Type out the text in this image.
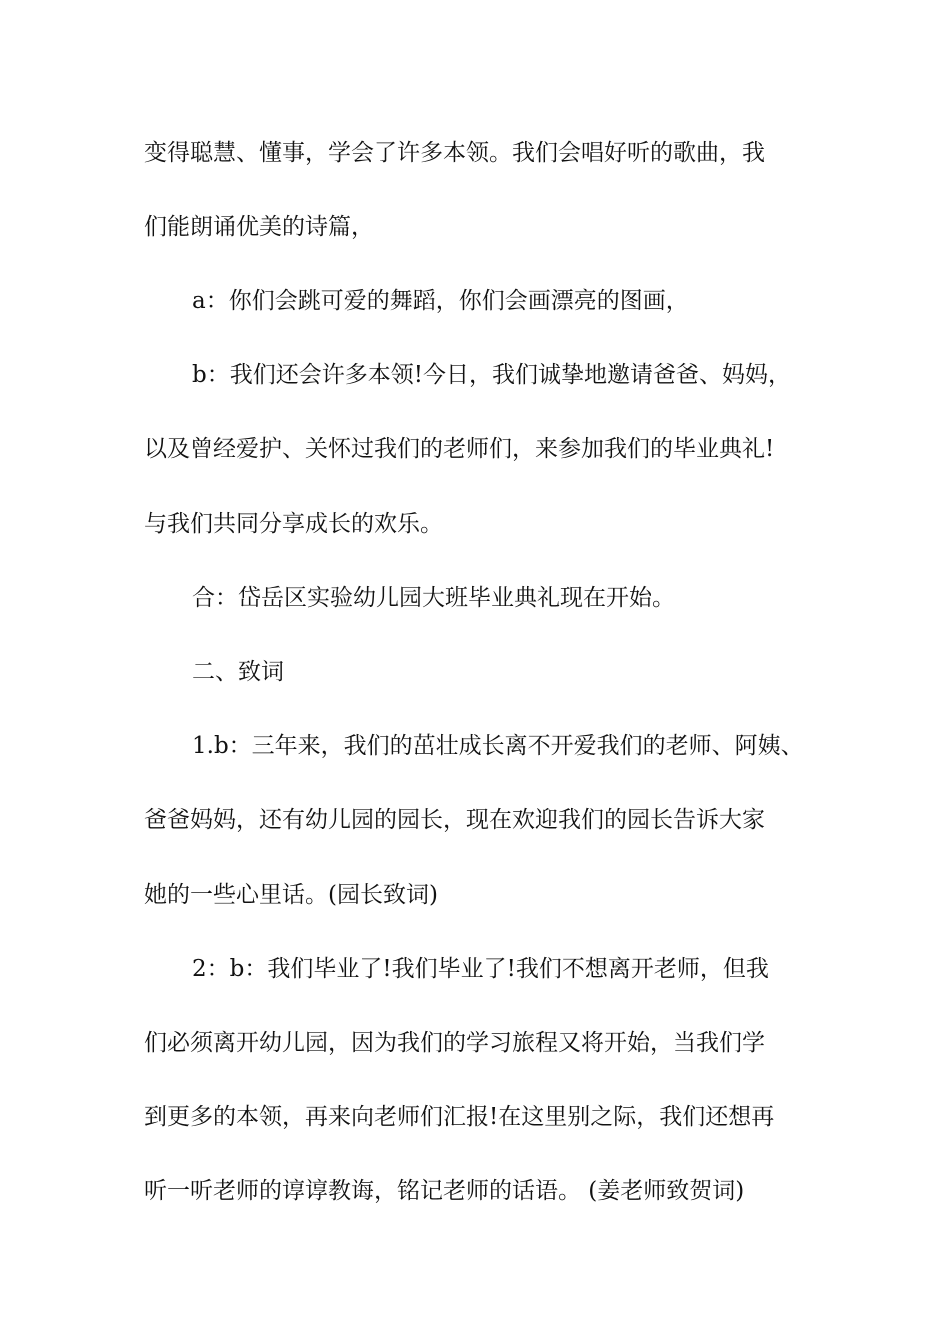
变得聪慧、懂事，学会了许多本领。我们会唱好听的歌曲，我
们能朗诵优美的诗篇，
a：你们会跳可爱的舞蹈，你们会画漂亮的图画，
b：我们还会许多本领!今日，我们诚挚地邀请爸爸、妈妈，
以及曾经爱护、关怀过我们的老师们，来参加我们的毕业典礼!
与我们共同分享成长的欢乐。
合：岱岳区实验幼儿园大班毕业典礼现在开始。
二、致词
1.b：三年来，我们的茁壮成长离不开爱我们的老师、阿姨、
爸爸妈妈，还有幼儿园的园长，现在欢迎我们的园长告诉大家
她的一些心里话。(园长致词)
2：b：我们毕业了!我们毕业了!我们不想离开老师，但我
们必须离开幼儿园，因为我们的学习旅程又将开始，当我们学
到更多的本领，再来向老师们汇报!在这里别之际，我们还想再
听一听老师的谆谆教诲，铭记老师的话语。 (姜老师致贺词)
